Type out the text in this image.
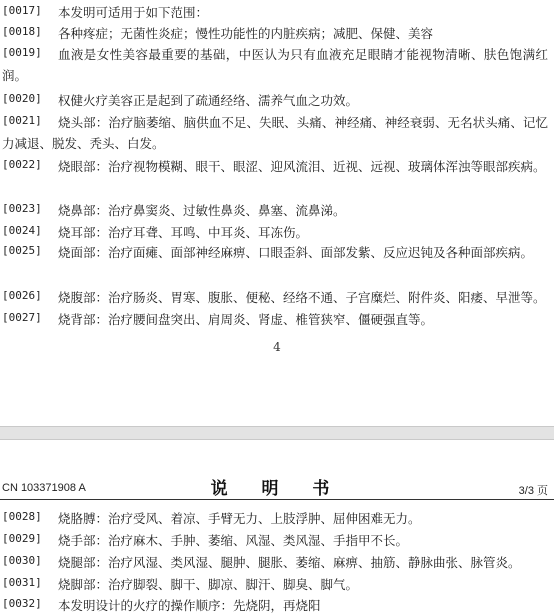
[0017] 本发明可适用于如下范围：
[0018] 各种疼症；无菌性炎症；慢性功能性的内脏疾病；减肥、保健、美容
[0019]	血液是女性美容最重要的基础，中医认为只有血液充足眼睛才能视物清晰、肤色饱满红润。
[0020] 权健火疗美容正是起到了疏通经络、濡养气血之功效。
[0021]	烧头部：治疗脑萎缩、脑供血不足、失眠、头痛、神经痛、神经衰弱、无名状头痛、记忆力减退、脱发、秃头、白发。
[0022]	烧眼部：治疗视物模糊、眼干、眼涩、迎风流泪、近视、远视、玻璃体浑浊等眼部疾病。
[0023] 烧鼻部：治疗鼻窦炎、过敏性鼻炎、鼻塞、流鼻涕。
[0024] 烧耳部：治疗耳聋、耳鸣、中耳炎、耳冻伤。
[0025]	烧面部：治疗面瘫、面部神经麻痹、口眼歪斜、面部发紫、反应迟钝及各种面部疾病。
[0026] 烧腹部：治疗肠炎、胃寒、腹胀、便秘、经络不通、子宫糜烂、附件炎、阳痿、早泄等。
[0027] 烧背部：治疗腰间盘突出、肩周炎、肾虚、椎管狭窄、僵硬强直等。
4
CN 103371908 A	说 明 书	3/3 页
[0028] 烧胳膊：治疗受风、着凉、手臂无力、上肢浮肿、屈伸困难无力。
[0029] 烧手部：治疗麻木、手肿、萎缩、风湿、类风湿、手指甲不长。
[0030] 烧腿部：治疗风湿、类风湿、腿肿、腿胀、萎缩、麻痹、抽筋、静脉曲张、脉管炎。
[0031] 烧脚部：治疗脚裂、脚干、脚凉、脚汗、脚臭、脚气。
[0032] 本发明设计的火疗的操作顺序：先烧阴，再烧阳
